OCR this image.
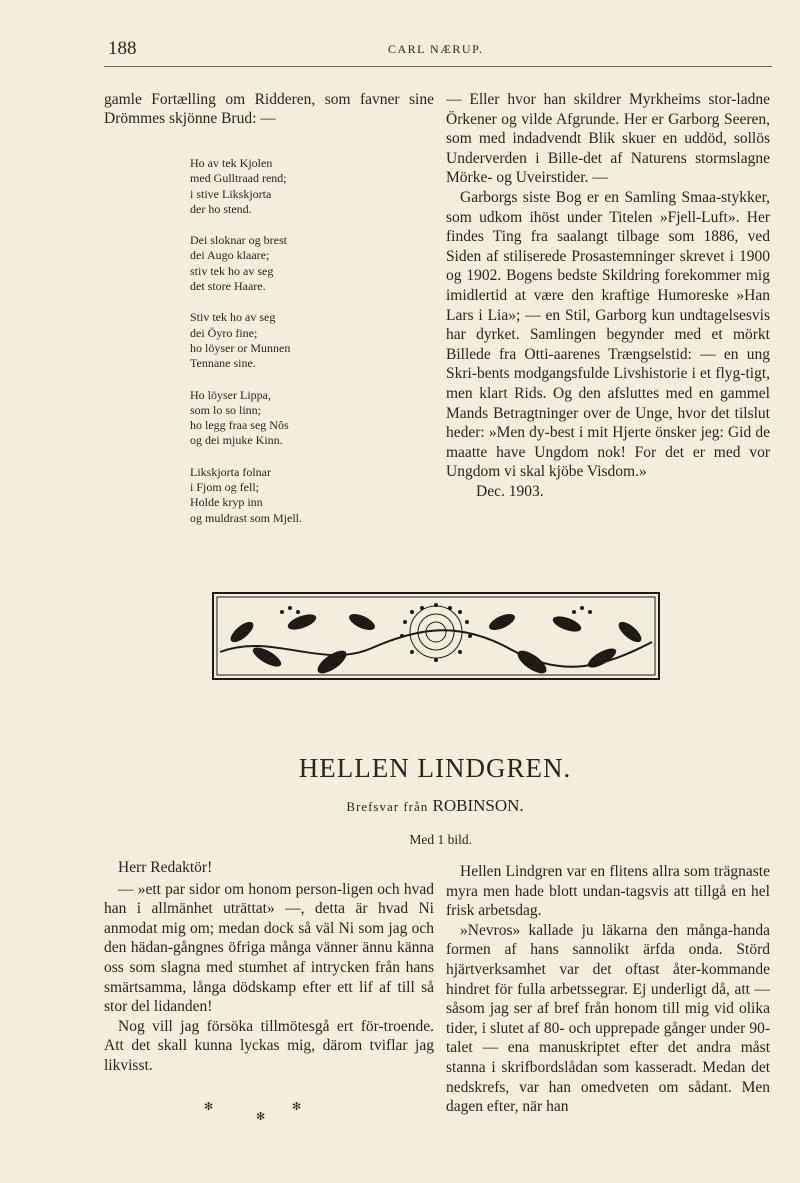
188	CARL NÆRUP.

gamle Fortælling om Ridderen, som favner sine Drömmes skjönne Brud: —

Ho av tek Kjolen
med Gulltraad rend;
i stive Likskjorta
der ho stend.
Dei sloknar og brest
dei Augo klaare;
stiv tek ho av seg
det store Haare.
Stiv tek ho av seg
dei Öyro fine;
ho löyser or Munnen
Tennane sine.
Ho löyser Lippa,
som lo so linn;
ho legg fraa seg Nôs
og dei mjuke Kinn.
Likskjorta folnar
i Fjom og fell;
Holde kryp inn
og muldrast som Mjell.

— Eller hvor han skildrer Myrkheims stor-ladne Örkener og vilde Afgrunde. Her er Garborg Seeren, som med indadvendt Blik skuer en uddöd, sollös Underverden i Bille-det af Naturens stormslagne Mörke- og Uveirstider. —

Garborgs siste Bog er en Samling Smaa-stykker, som udkom ihöst under Titelen »Fjell-Luft». Her findes Ting fra saalangt tilbage som 1886, ved Siden af stiliserede Prosastemninger skrevet i 1900 og 1902. Bogens bedste Skildring forekommer mig imidlertid at være den kraftige Humoreske »Han Lars i Lia»; — en Stil, Garborg kun undtagelsesvis har dyrket. Samlingen begynder med et mörkt Billede fra Otti-aarenes Trængselstid: — en ung Skri-bents modgangsfulde Livshistorie i et flyg-tigt, men klart Rids. Og den afsluttes med en gammel Mands Betragtninger over de Unge, hvor det tilslut heder: »Men dy-best i mit Hjerte önsker jeg: Gid de maatte have Ungdom nok! For det er med vor Ungdom vi skal kjöbe Visdom.»

Dec. 1903.
HELLEN LINDGREN.
Brefsvar från ROBINSON.
Med 1 bild.

Herr Redaktör!

— »ett par sidor om honom person-ligen och hvad han i allmänhet uträttat» —, detta är hvad Ni anmodat mig om; medan dock så väl Ni som jag och den hädan-gångnes öfriga många vänner ännu känna oss som slagna med stumhet af intrycken från hans smärtsamma, långa dödskamp efter ett lif af till så stor del lidanden!

Nog vill jag försöka tillmötesgå ert för-troende. Att det skall kunna lyckas mig, därom tviflar jag likvisst.

✻	✻
✻

Hellen Lindgren var en flitens allra som trägnaste myra men hade blott undan-tagsvis att tillgå en hel frisk arbetsdag.

»Nevros» kallade ju läkarna den många-handa formen af hans sannolikt ärfda onda. Störd hjärtverksamhet var det oftast åter-kommande hindret för fulla arbetssegrar. Ej underligt då, att — såsom jag ser af bref från honom till mig vid olika tider, i slutet af 80- och upprepade gånger under 90-talet — ena manuskriptet efter det andra måst stanna i skrifbordslådan som kasseradt. Medan det nedskrefs, var han omedveten om sådant. Men dagen efter, när han
